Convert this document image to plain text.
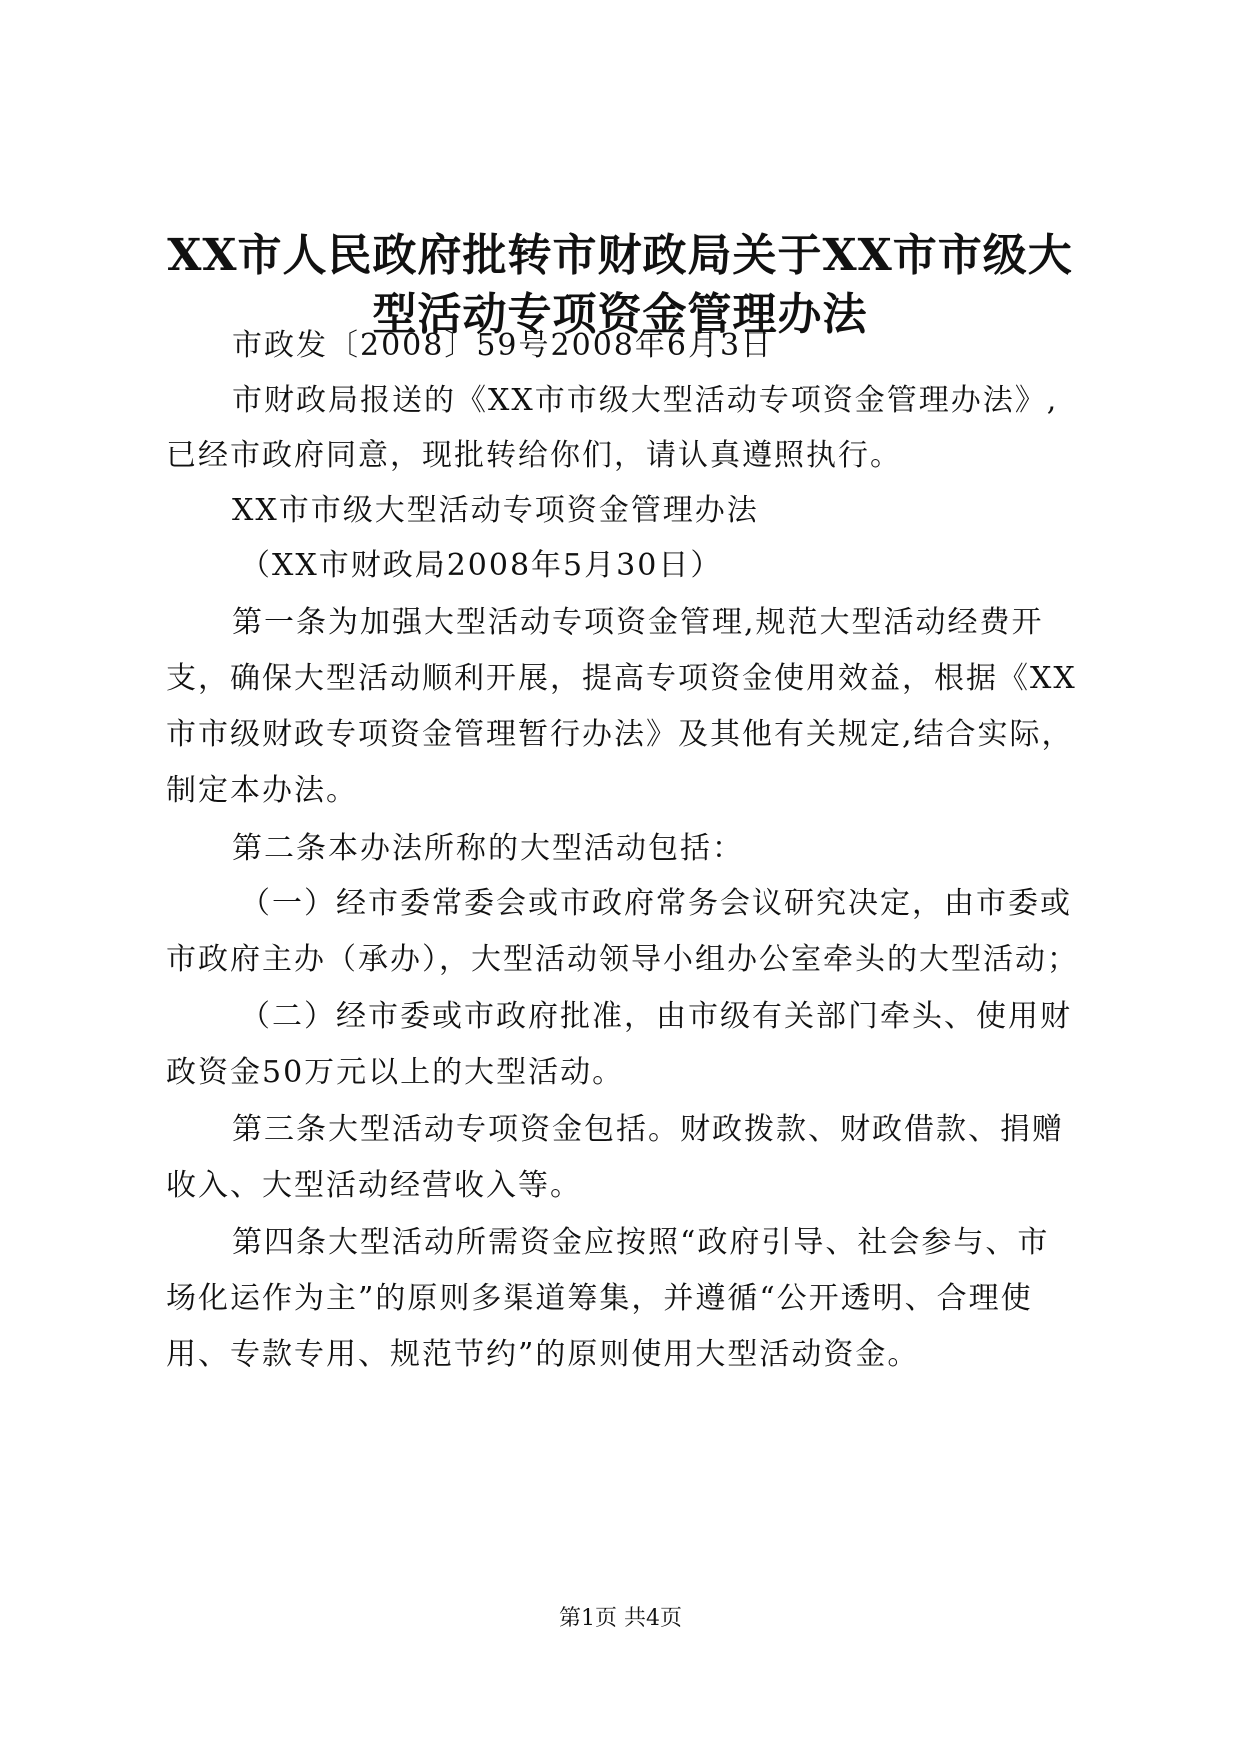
XX市人民政府批转市财政局关于XX市市级大
型活动专项资金管理办法
市政发〔2008〕59号2008年6月3日
市财政局报送的《XX市市级大型活动专项资金管理办法》,
已经市政府同意，现批转给你们，请认真遵照执行。
XX市市级大型活动专项资金管理办法
（XX市财政局2008年5月30日）
第一条为加强大型活动专项资金管理,规范大型活动经费开
支，确保大型活动顺利开展，提高专项资金使用效益，根据《XX
市市级财政专项资金管理暂行办法》及其他有关规定,结合实际，
制定本办法。
第二条本办法所称的大型活动包括：
（一）经市委常委会或市政府常务会议研究决定，由市委或
市政府主办（承办），大型活动领导小组办公室牵头的大型活动；
（二）经市委或市政府批准，由市级有关部门牵头、使用财
政资金50万元以上的大型活动。
第三条大型活动专项资金包括。财政拨款、财政借款、捐赠
收入、大型活动经营收入等。
第四条大型活动所需资金应按照“政府引导、社会参与、市
场化运作为主”的原则多渠道筹集，并遵循“公开透明、合理使
用、专款专用、规范节约”的原则使用大型活动资金。
第1页 共4页
